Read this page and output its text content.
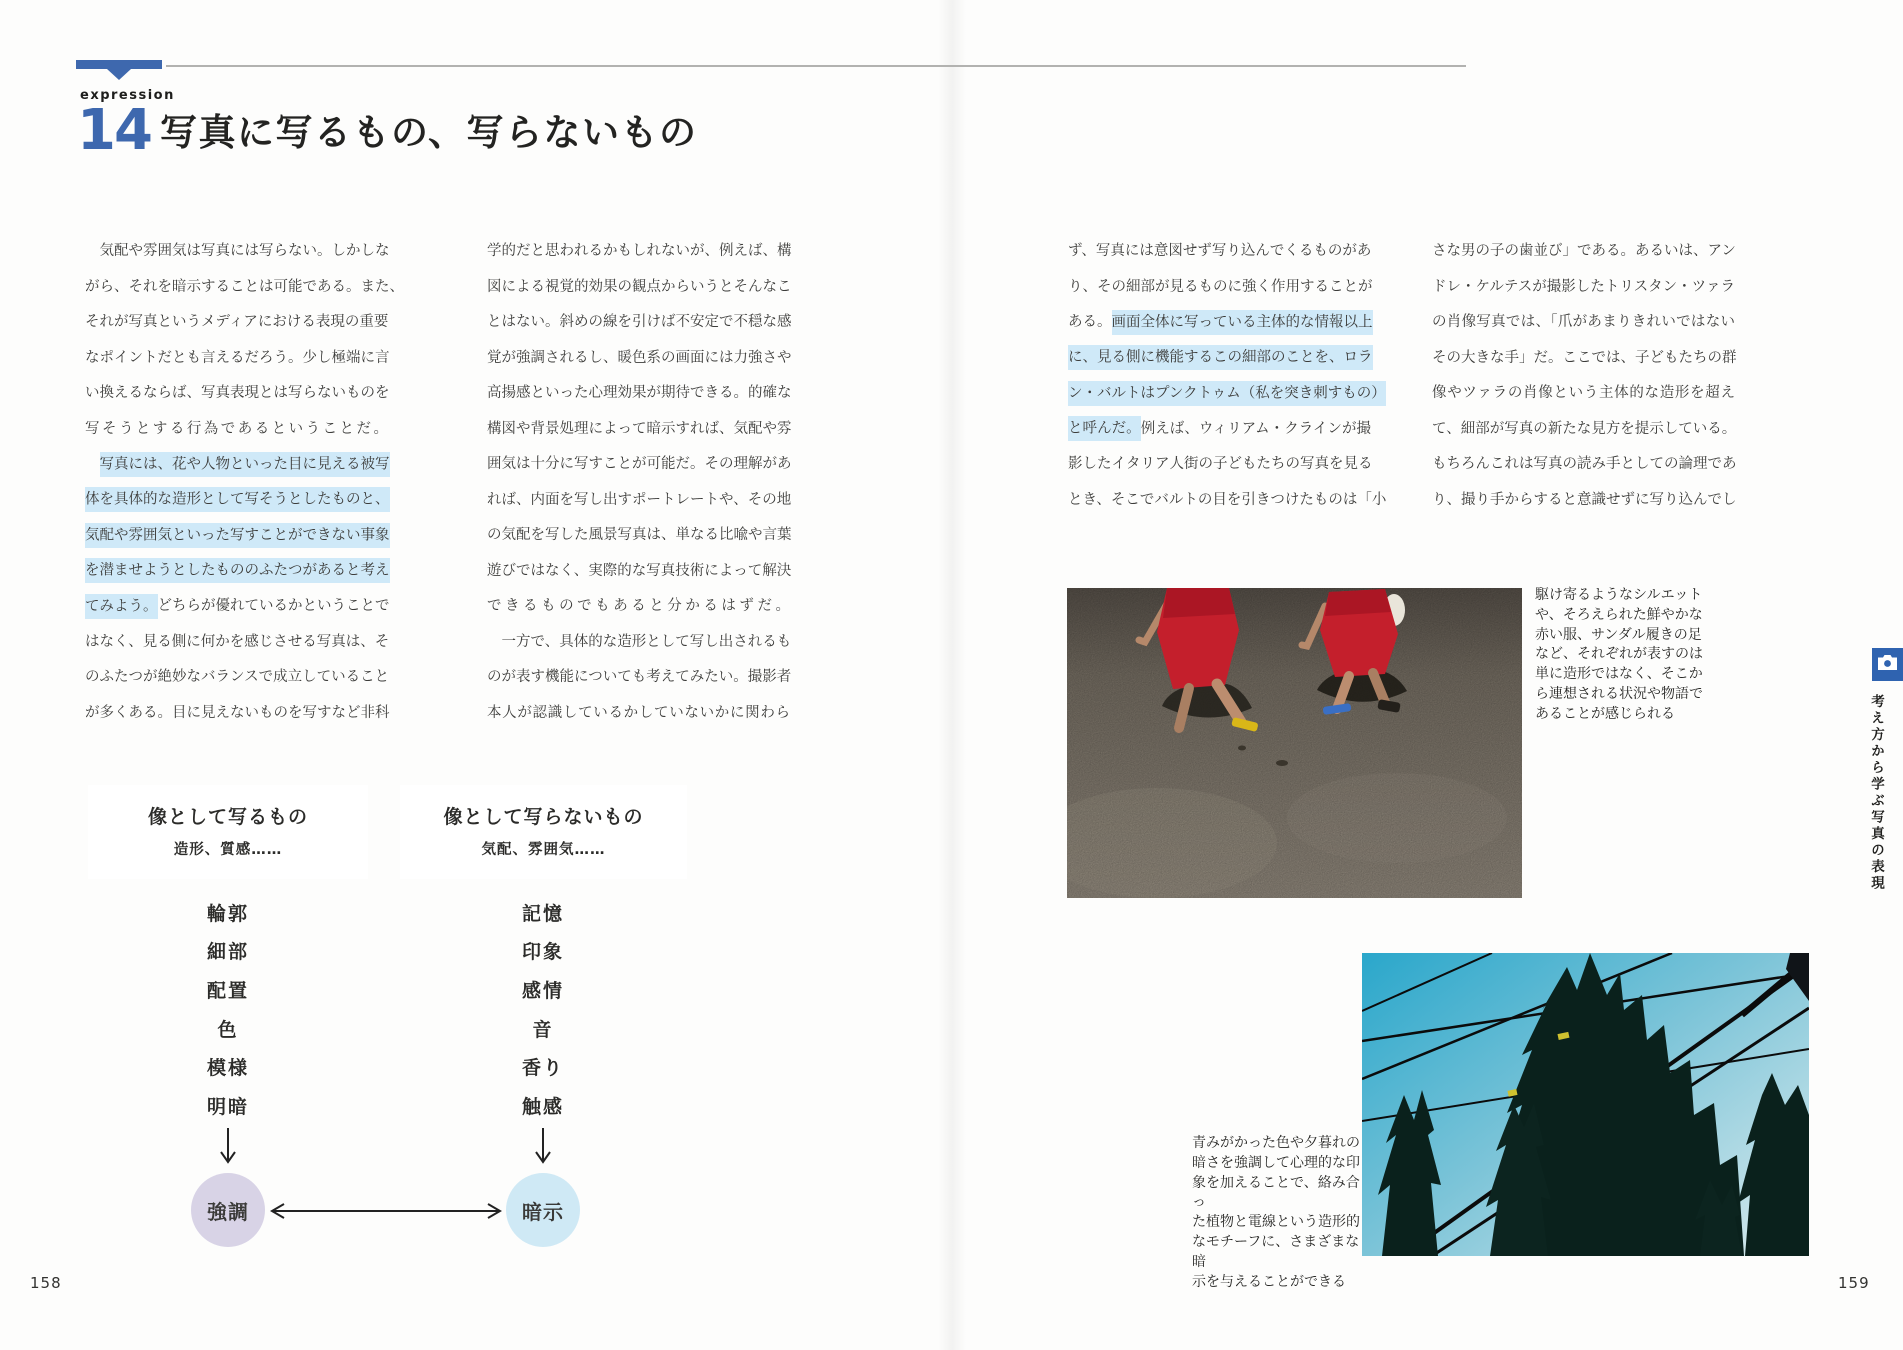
expression
14 写真に写るもの、写らないもの
　気配や雰囲気は写真には写らない。しかしな
がら、それを暗示することは可能である。また、
それが写真というメディアにおける表現の重要
なポイントだとも言えるだろう。少し極端に言
い換えるならば、写真表現とは写らないものを
写そうとする行為であるということだ。
　写真には、花や人物といった目に見える被写
体を具体的な造形として写そうとしたものと、
気配や雰囲気といった写すことができない事象
を潜ませようとしたもののふたつがあると考え
てみよう。どちらが優れているかということで
はなく、見る側に何かを感じさせる写真は、そ
のふたつが絶妙なバランスで成立していること
が多くある。目に見えないものを写すなど非科
学的だと思われるかもしれないが、例えば、構
図による視覚的効果の観点からいうとそんなこ
とはない。斜めの線を引けば不安定で不穏な感
覚が強調されるし、暖色系の画面には力強さや
高揚感といった心理効果が期待できる。的確な
構図や背景処理によって暗示すれば、気配や雰
囲気は十分に写すことが可能だ。その理解があ
れば、内面を写し出すポートレートや、その地
の気配を写した風景写真は、単なる比喩や言葉
遊びではなく、実際的な写真技術によって解決
できるものでもあると分かるはずだ。
　一方で、具体的な造形として写し出されるも
のが表す機能についても考えてみたい。撮影者
本人が認識しているかしていないかに関わら
ず、写真には意図せず写り込んでくるものがあ
り、その細部が見るものに強く作用することが
ある。画面全体に写っている主体的な情報以上
に、見る側に機能するこの細部のことを、ロラ
ン・バルトはプンクトゥム（私を突き刺すもの）
と呼んだ。例えば、ウィリアム・クラインが撮
影したイタリア人街の子どもたちの写真を見る
とき、そこでバルトの目を引きつけたものは「小
さな男の子の歯並び」である。あるいは、アン
ドレ・ケルテスが撮影したトリスタン・ツァラ
の肖像写真では、「爪があまりきれいではない
その大きな手」だ。ここでは、子どもたちの群
像やツァラの肖像という主体的な造形を超え
て、細部が写真の新たな見方を提示している。
もちろんこれは写真の読み手としての論理であ
り、撮り手からすると意識せずに写り込んでし
像として写るもの
造形、質感……
像として写らないもの
気配、雰囲気……
輪郭
細部
配置
色
模様
明暗
記憶
印象
感情
音
香り
触感
強調	暗示
駆け寄るようなシルエット
や、そろえられた鮮やかな
赤い服、サンダル履きの足
など、それぞれが表すのは
単に造形ではなく、そこか
ら連想される状況や物語で
あることが感じられる
青みがかった色や夕暮れの
暗さを強調して心理的な印
象を加えることで、絡み合っ
た植物と電線という造形的
なモチーフに、さまざまな暗
示を与えることができる
考え方から学ぶ写真の表現
158	159
